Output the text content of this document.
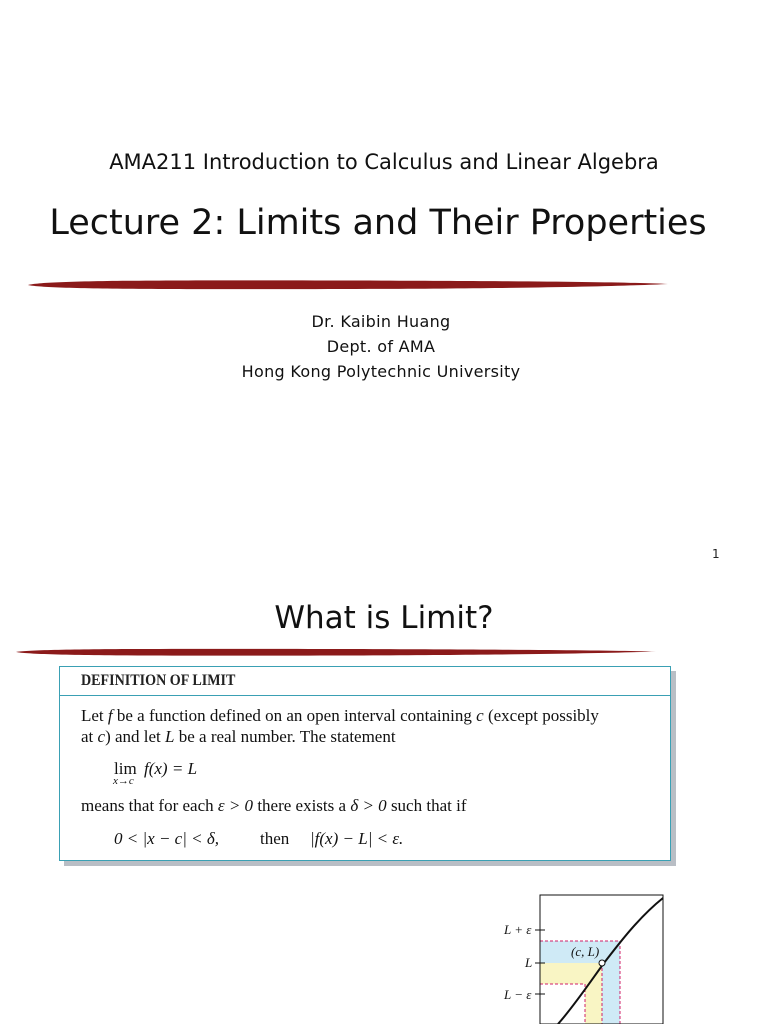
AMA211 Introduction to Calculus and Linear Algebra
Lecture 2: Limits and Their Properties
Dr. Kaibin Huang
Dept. of AMA
Hong Kong Polytechnic University
1
What is Limit?
DEFINITION OF LIMIT
Let f be a function defined on an open interval containing c (except possibly
at c) and let L be a real number. The statement
lim
x→c
f(x) = L
means that for each ε > 0 there exists a δ > 0 such that if
0 < |x − c| < δ, then |f(x) − L| < ε.
L + ε
L
L − ε
(c, L)
